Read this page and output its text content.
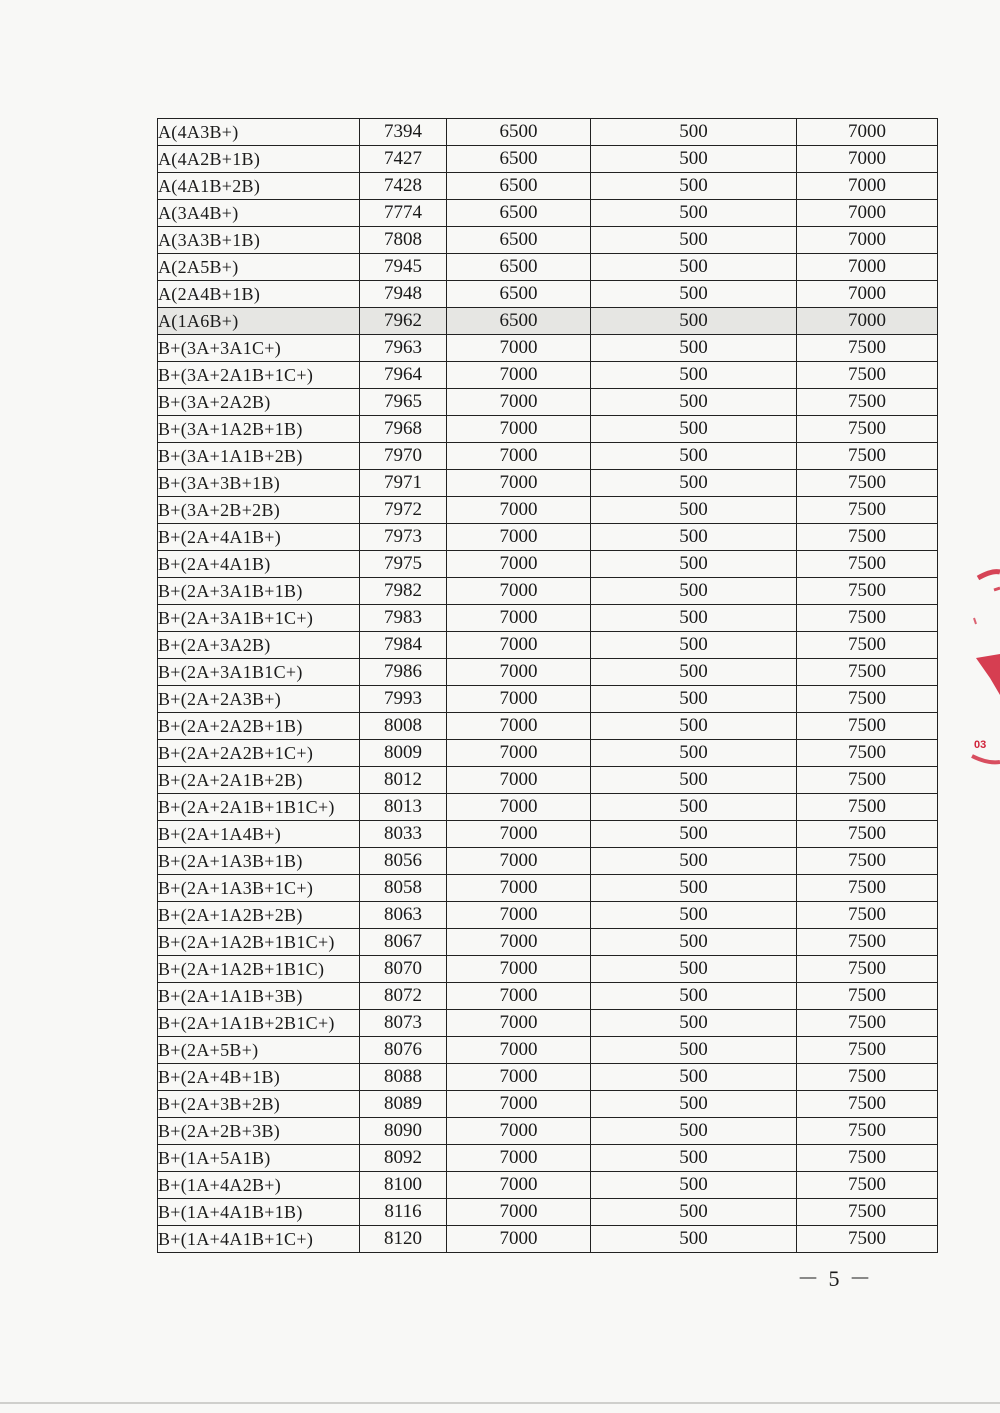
A(4A3B+)	7394	6500	500	7000
A(4A2B+1B)	7427	6500	500	7000
A(4A1B+2B)	7428	6500	500	7000
A(3A4B+)	7774	6500	500	7000
A(3A3B+1B)	7808	6500	500	7000
A(2A5B+)	7945	6500	500	7000
A(2A4B+1B)	7948	6500	500	7000
A(1A6B+)	7962	6500	500	7000
B+(3A+3A1C+)	7963	7000	500	7500
B+(3A+2A1B+1C+)	7964	7000	500	7500
B+(3A+2A2B)	7965	7000	500	7500
B+(3A+1A2B+1B)	7968	7000	500	7500
B+(3A+1A1B+2B)	7970	7000	500	7500
B+(3A+3B+1B)	7971	7000	500	7500
B+(3A+2B+2B)	7972	7000	500	7500
B+(2A+4A1B+)	7973	7000	500	7500
B+(2A+4A1B)	7975	7000	500	7500
B+(2A+3A1B+1B)	7982	7000	500	7500
B+(2A+3A1B+1C+)	7983	7000	500	7500
B+(2A+3A2B)	7984	7000	500	7500
B+(2A+3A1B1C+)	7986	7000	500	7500
B+(2A+2A3B+)	7993	7000	500	7500
B+(2A+2A2B+1B)	8008	7000	500	7500
B+(2A+2A2B+1C+)	8009	7000	500	7500
B+(2A+2A1B+2B)	8012	7000	500	7500
B+(2A+2A1B+1B1C+)	8013	7000	500	7500
B+(2A+1A4B+)	8033	7000	500	7500
B+(2A+1A3B+1B)	8056	7000	500	7500
B+(2A+1A3B+1C+)	8058	7000	500	7500
B+(2A+1A2B+2B)	8063	7000	500	7500
B+(2A+1A2B+1B1C+)	8067	7000	500	7500
B+(2A+1A2B+1B1C)	8070	7000	500	7500
B+(2A+1A1B+3B)	8072	7000	500	7500
B+(2A+1A1B+2B1C+)	8073	7000	500	7500
B+(2A+5B+)	8076	7000	500	7500
B+(2A+4B+1B)	8088	7000	500	7500
B+(2A+3B+2B)	8089	7000	500	7500
B+(2A+2B+3B)	8090	7000	500	7500
B+(1A+5A1B)	8092	7000	500	7500
B+(1A+4A2B+)	8100	7000	500	7500
B+(1A+4A1B+1B)	8116	7000	500	7500
B+(1A+4A1B+1C+)	8120	7000	500	7500
－ 5 －
03
